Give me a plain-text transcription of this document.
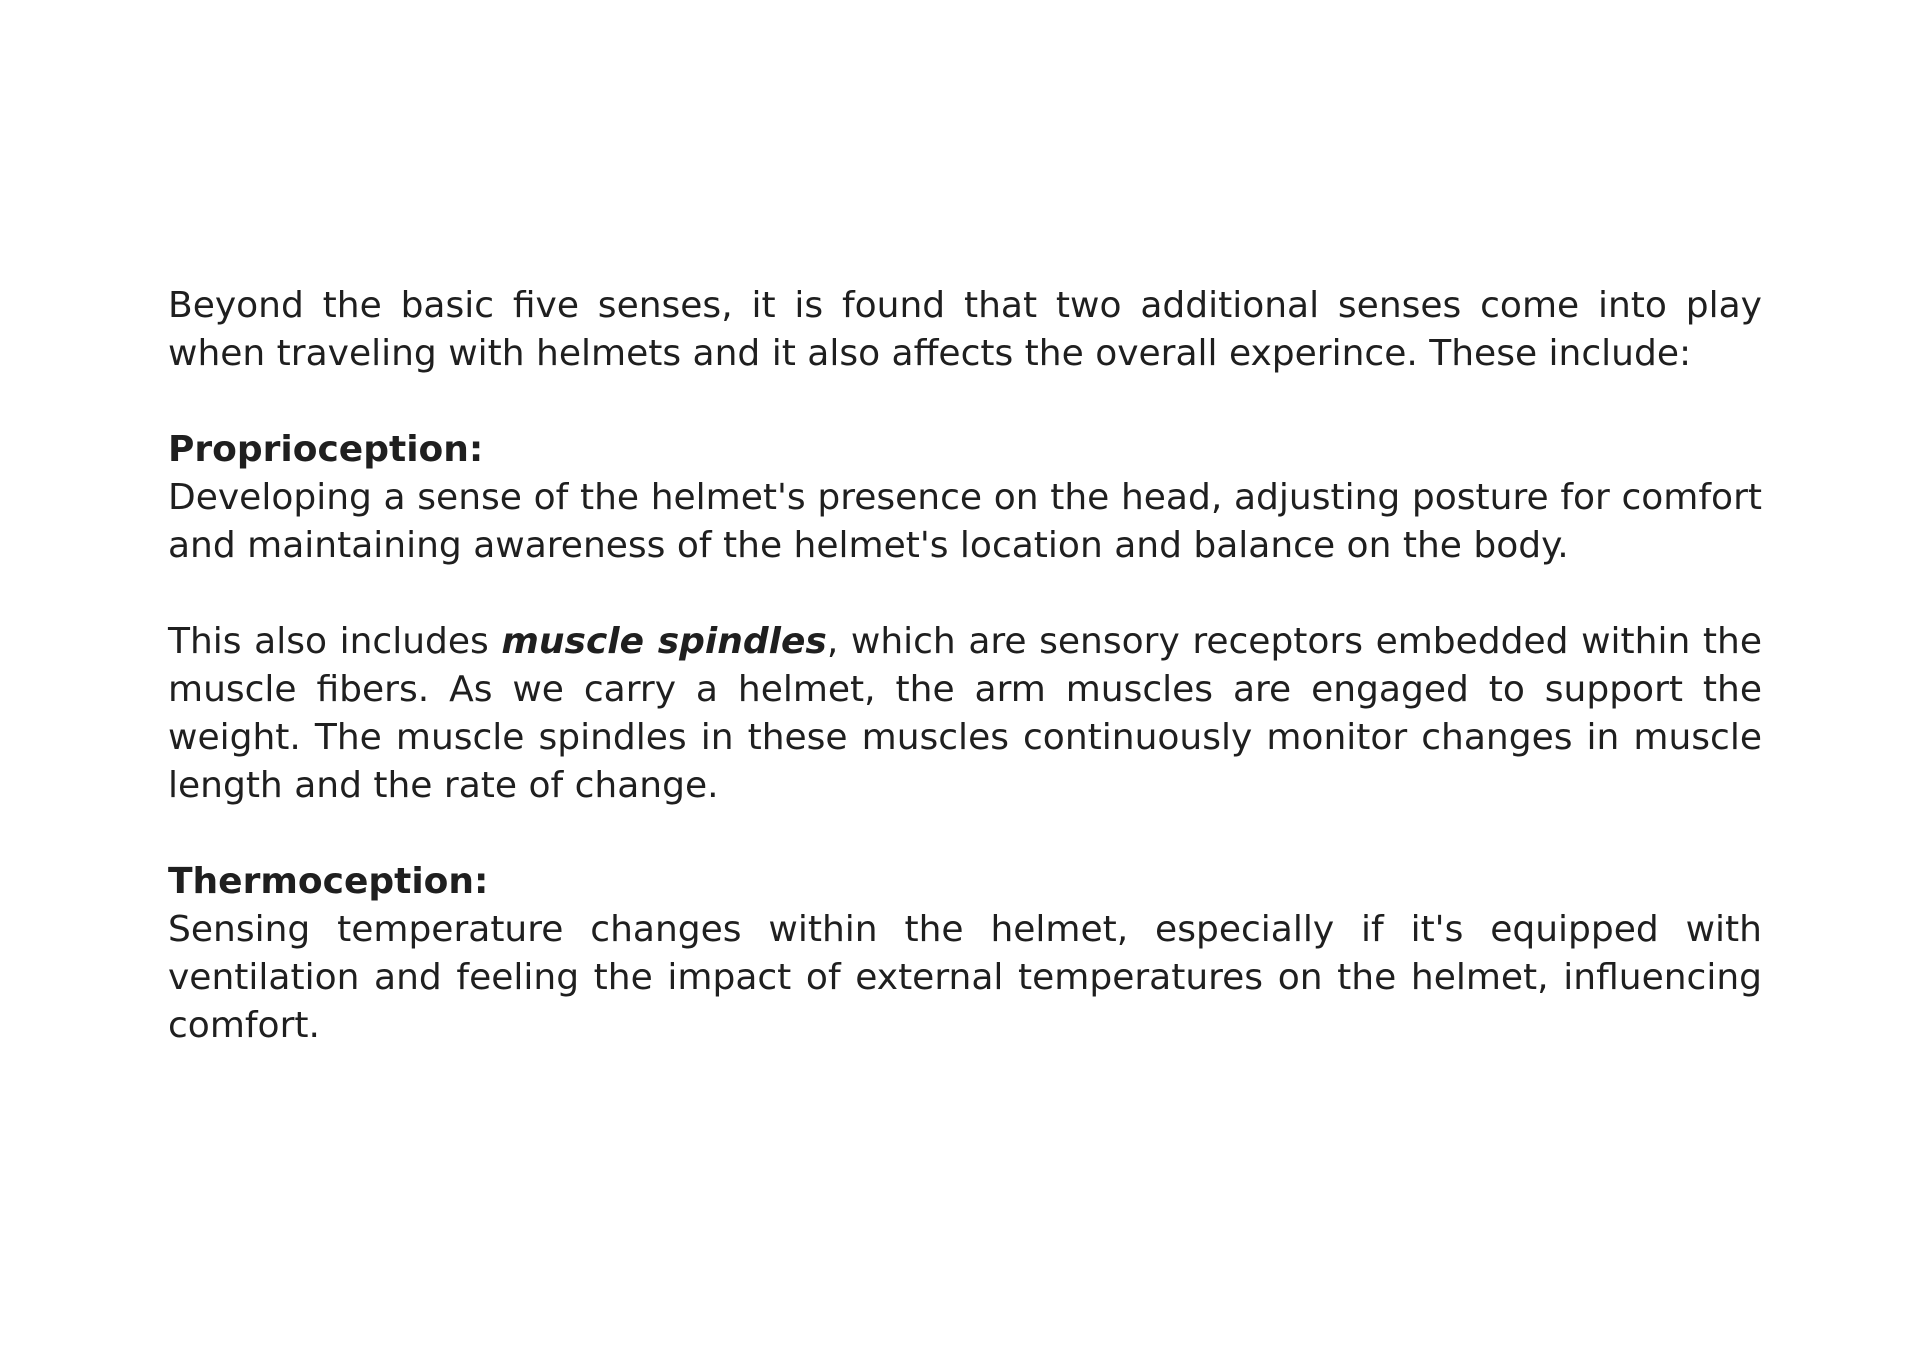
Beyond the basic five senses, it is found that two additional senses come into play when traveling with helmets and it also affects the overall experince. These include:

Proprioception:

Developing a sense of the helmet's presence on the head, adjusting posture for comfort and maintaining awareness of the helmet's location and balance on the body.

This also includes muscle spindles, which are sensory receptors embedded within the muscle fibers. As we carry a helmet, the arm muscles are engaged to support the weight. The muscle spindles in these muscles continuously monitor changes in muscle length and the rate of change.

Thermoception:

Sensing temperature changes within the helmet, especially if it's equipped with ventilation and feeling the impact of external temperatures on the helmet, influencing comfort.
